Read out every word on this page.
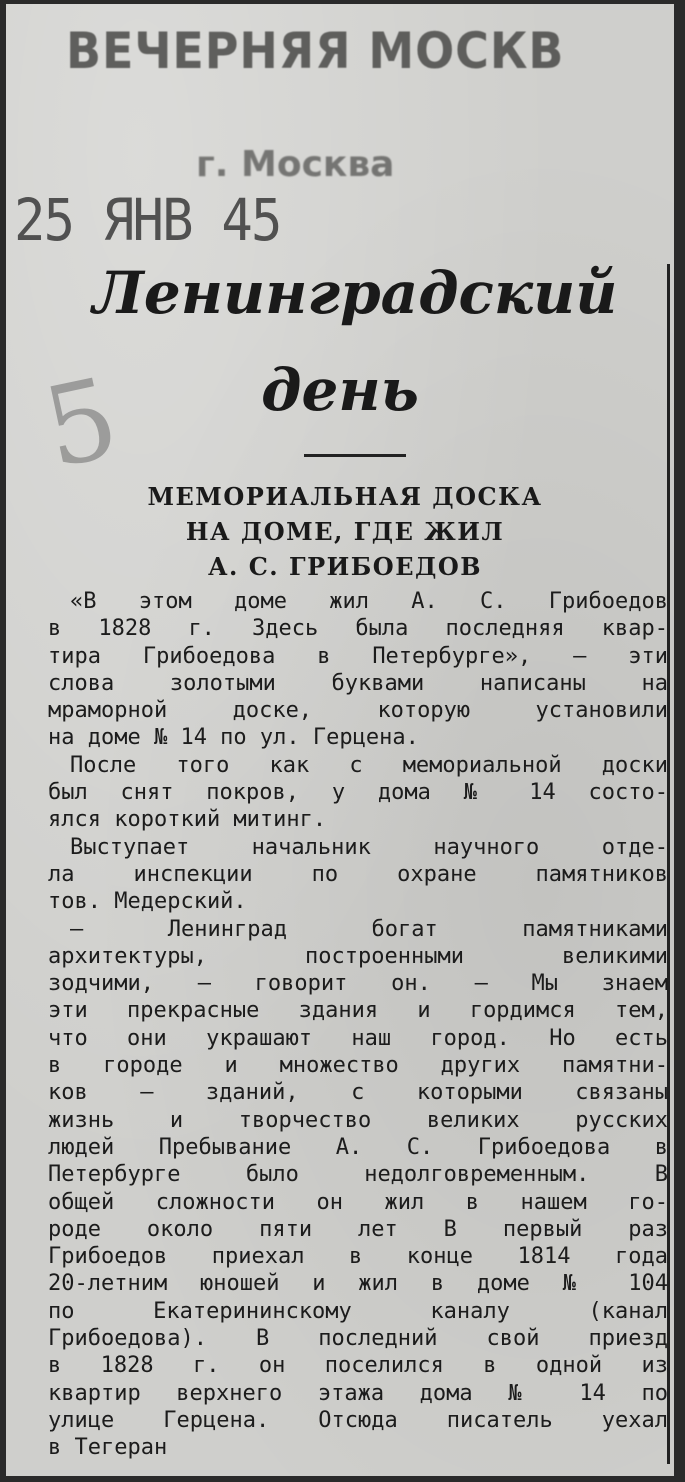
ВЕЧЕРНЯЯ МОСКВ
г. Москва
25 ЯНВ 45
5
Ленинградский
день
МЕМОРИАЛЬНАЯ ДОСКА
НА ДОМЕ, ГДЕ ЖИЛ
А. С. ГРИБОЕДОВ
«В этом доме жил А. С. Грибоедов
в 1828 г. Здесь была последняя квар-
тира Грибоедова в Петербурге», — эти
слова золотыми буквами написаны на
мраморной доске, которую установили
на доме № 14 по ул. Герцена.
После того как с мемориальной доски
был снят покров, у дома № 14 состо-
ялся короткий митинг.
Выступает начальник научного отде-
ла инспекции по охране памятников
тов. Медерский.
— Ленинград богат памятниками
архитектуры, построенными великими
зодчими, — говорит он. — Мы знаем
эти прекрасные здания и гордимся тем,
что они украшают наш город. Но есть
в городе и множество других памятни-
ков — зданий, с которыми связаны
жизнь и творчество великих русских
людей Пребывание А. С. Грибоедова в
Петербурге было недолговременным. В
общей сложности он жил в нашем го-
роде около пяти лет В первый раз
Грибоедов приехал в конце 1814 года
20-летним юношей и жил в доме № 104
по Екатерининскому каналу (канал
Грибоедова). В последний свой приезд
в 1828 г. он поселился в одной из
квартир верхнего этажа дома № 14 по
улице Герцена. Отсюда писатель уехал
в Тегеран
